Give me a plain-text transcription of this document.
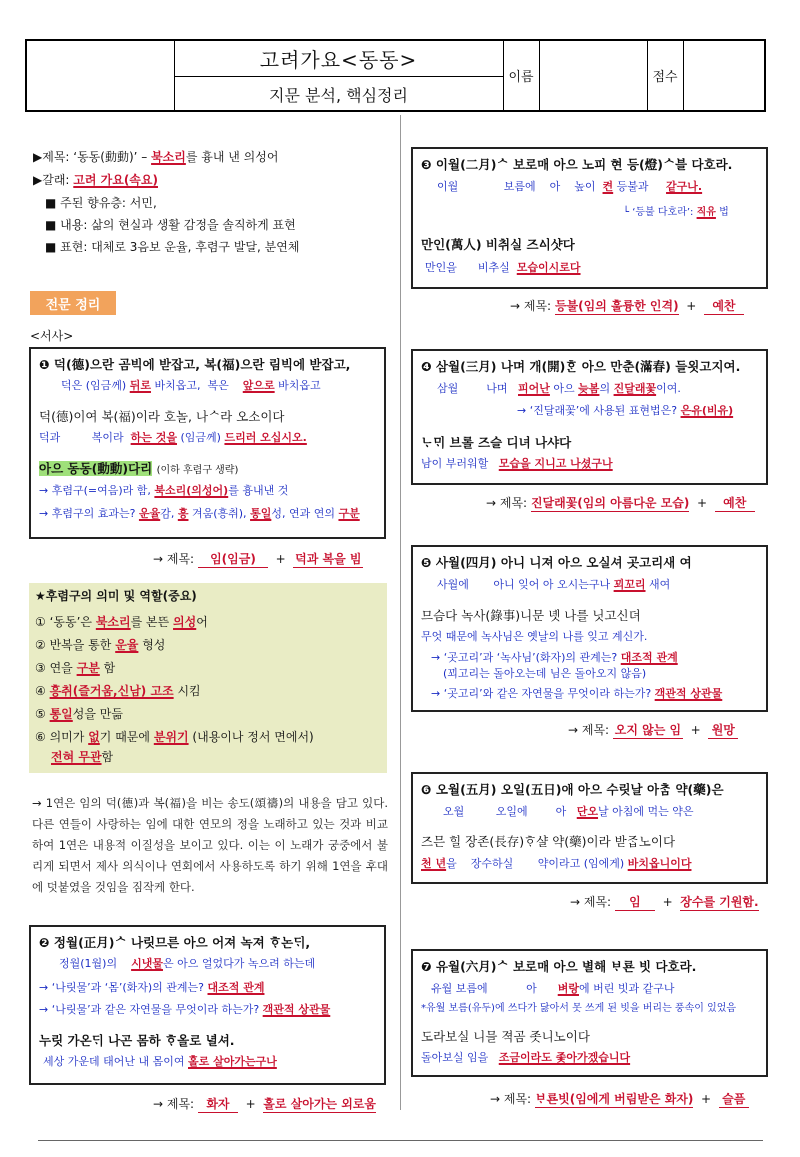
고려가요<동동>
지문 분석, 핵심정리
이름	점수
▶제목: ‘동동(動動)’ – 북소리를 흉내 낸 의성어
▶갈래: 고려 가요(속요)
■ 주된 향유층: 서민,
■ 내용: 삶의 현실과 생활 감정을 솔직하게 표현
■ 표현: 대체로 3음보 운율, 후렴구 발달, 분연체
전문 정리
<서사>
❶ 덕(德)으란 곰빅에 받잡고, 복(福)으란 림빅에 받잡고,
덕은 (임금께) 뒤로 바치옵고, 복은 앞으로 바치옵고
덕(德)이여 복(福)이라 호놀, 나ᄉ라 오소이다
덕과	복이라 하는 것을 (임금께) 드리러 오십시오.
아으 동동(動動)다리 (이하 후렴구 생략)
→ 후렴구(=여음)라 함, 북소리(의성어)를 흉내낸 것
→ 후렴구의 효과는? 운율감, 흥 겨움(흥취), 통일성, 연과 연의 구분
→ 제목: 임(임금) + 덕과 복을 빔
★후렴구의 의미 및 역할(중요)
① ‘동동’은 북소리를 본뜬 의성어
② 반복을 통한 운율 형성
③ 연을 구분 함
④ 흥취(즐거움,신남) 고조 시킴
⑤ 통일성을 만듦
⑥ 의미가 없기 때문에 분위기 (내용이나 정서 면에서)
전혀 무관함
→ 1연은 임의 덕(德)과 복(福)을 비는 송도(頌禱)의 내용을 담고 있다. 다른 연들이 사랑하는 임에 대한 연모의 정을 노래하고 있는 것과 비교하여 1연은 내용적 이질성을 보이고 있다. 이는 이 노래가 궁중에서 불리게 되면서 제사 의식이나 연회에서 사용하도록 하기 위해 1연을 후대에 덧붙였을 것임을 짐작케 한다.
❷ 정월(正月)ᄉ 나릿므른 아으 어져 녹져 ᄒᆞ논ᄃᆡ,
정월(1월)의 시냇물은 아으 얼었다가 녹으려 하는데
→ ‘나릿물’과 ‘몸’(화자)의 관계는? 대조적 관계
→ ‘나릿물’과 같은 자연물을 무엇이라 하는가? 객관적 상관물
누릿 가온ᄃᆡ 나곤 몸하 ᄒᆞ올로 녈셔.
세상 가운데 태어난 내 몸이여 홀로 살아가는구나
→ 제목: 화자 + 홀로 살아가는 외로움
❸ 이월(二月)ᄉ 보로매 아으 노피 현 등(燈)ᄉ블 다호라.
이월	보름에 아 높이 켠 등불과 같구나.
└ ‘등불 다호라’: 직유 법
만인(萬人) 비취실 즈ᅀᅵ샷다
만인을 비추실 모습이시로다
→ 제목: 등불(임의 훌륭한 인격) + 예찬
❹ 삼월(三月) 나며 개(開)ᄒᆞᆫ 아으 만춘(滿春) 들욋고지여.
삼월	나며 피어난 아으 늦봄의 진달래꽃이여.
→ ‘진달래꽃’에 사용된 표현법은? 은유(비유)
ᄂᆞᄆᆡ 브롤 즈슬 디녀 나샤다
남이 부러워할 모습을 지니고 나셨구나
→ 제목: 진달래꽃(임의 아름다운 모습) + 예찬
❺ 사월(四月) 아니 니져 아으 오실셔 곳고리새 여
사월에 아니 잊어 아 오시는구나 꾀꼬리 새여
므슴다 녹사(錄事)니문 녯 나를 닛고신뎌
무엇 때문에 녹사님은 옛날의 나를 잊고 계신가.
→ ‘곳고리’과 ‘녹사님’(화자)의 관계는? 대조적 관계
(꾀고리는 돌아오는데 님은 돌아오지 않음)
→ ‘곳고리’와 같은 자연물을 무엇이라 하는가? 객관적 상관물
→ 제목: 오지 않는 임 + 원망
❻ 오월(五月) 오일(五日)애 아으 수릿날 아ᄎᆞᆷ 약(藥)은
오월	오일에	아 단오날 아침에 먹는 약은
즈믄 힐 장존(長存)ᄒᆞ샬 약(藥)이라 받ᄌᆞᆸ노이다
천 년을 장수하실 약이라고 (임에게) 바치옵니이다
→ 제목: 임 + 장수를 기원함.
❼ 유월(六月)ᄉ 보로매 아으 별해 ᄇᆞ룐 빗 다호라.
유월 보름에	아 벼랑에 버린 빗과 같구나
*유월 보름(유두)에 쓰다가 닳아서 못 쓰게 된 빗을 버리는 풍속이 있었음
도라보실 니믈 젹곰 좃니노이다
돌아보실 임을 조금이라도 좇아가겠습니다
→ 제목: ᄇᆞ룐빗(임에게 버림받은 화자) + 슬픔
